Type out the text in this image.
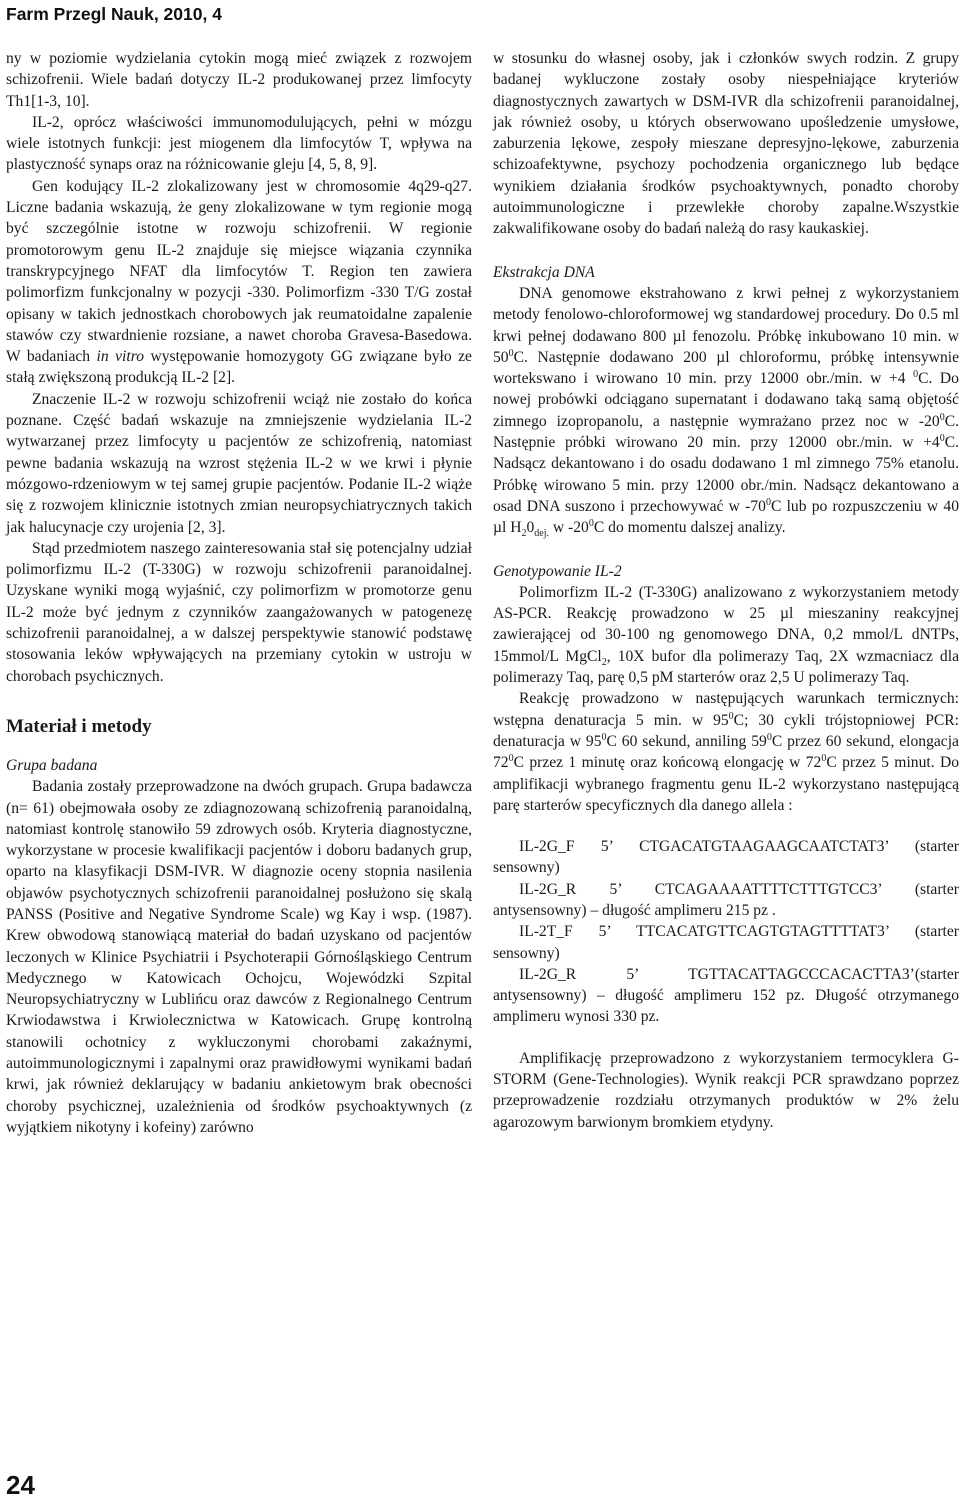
Farm Przegl Nauk, 2010, 4

ny w poziomie wydzielania cytokin mogą mieć związek z rozwojem schizofrenii. Wiele badań dotyczy IL-2 produkowanej przez limfocyty Th1[1-3, 10].

IL-2, oprócz właściwości immunomodulujących, pełni w mózgu wiele istotnych funkcji: jest miogenem dla limfocytów T, wpływa na plastyczność synaps oraz na różnicowanie gleju [4, 5, 8, 9].

Gen kodujący IL-2 zlokalizowany jest w chromosomie 4q29-q27. Liczne badania wskazują, że geny zlokalizowane w tym regionie mogą być szczególnie istotne w rozwoju schizofrenii. W regionie promotorowym genu IL-2 znajduje się miejsce wiązania czynnika transkrypcyjnego NFAT dla limfocytów T. Region ten zawiera polimorfizm funkcjonalny w pozycji -330. Polimorfizm -330 T/G został opisany w takich jednostkach chorobowych jak reumatoidalne zapalenie stawów czy stwardnienie rozsiane, a nawet choroba Gravesa-Basedowa. W badaniach in vitro występowanie homozygoty GG związane było ze stałą zwiększoną produkcją IL-2 [2].

Znaczenie IL-2 w rozwoju schizofrenii wciąż nie zostało do końca poznane. Część badań wskazuje na zmniejszenie wydzielania IL-2 wytwarzanej przez limfocyty u pacjentów ze schizofrenią, natomiast pewne badania wskazują na wzrost stężenia IL-2 w we krwi i płynie mózgowo-rdzeniowym w tej samej grupie pacjentów. Podanie IL-2 wiąże się z rozwojem klinicznie istotnych zmian neuropsychiatrycznych takich jak halucynacje czy urojenia [2, 3].

Stąd przedmiotem naszego zainteresowania stał się potencjalny udział polimorfizmu IL-2 (T-330G) w rozwoju schizofrenii paranoidalnej. Uzyskane wyniki mogą wyjaśnić, czy polimorfizm w promotorze genu IL-2 może być jednym z czynników zaangażowanych w patogenezę schizofrenii paranoidalnej, a w dalszej perspektywie stanowić podstawę stosowania leków wpływających na przemiany cytokin w ustroju w chorobach psychicznych.

Materiał i metody

Grupa badana

Badania zostały przeprowadzone na dwóch grupach. Grupa badawcza (n= 61) obejmowała osoby ze zdiagnozowaną schizofrenią paranoidalną, natomiast kontrolę stanowiło 59 zdrowych osób. Kryteria diagnostyczne, wykorzystane w procesie kwalifikacji pacjentów i doboru badanych grup, oparto na klasyfikacji DSM-IVR. W diagnozie oceny stopnia nasilenia objawów psychotycznych schizofrenii paranoidalnej posłużono się skalą PANSS (Positive and Negative Syndrome Scale) wg Kay i wsp. (1987). Krew obwodową stanowiącą materiał do badań uzyskano od pacjentów leczonych w Klinice Psychiatrii i Psychoterapii Górnośląskiego Centrum Medycznego w Katowicach Ochojcu, Wojewódzki Szpital Neuropsychiatryczny w Lublińcu oraz dawców z Regionalnego Centrum Krwiodawstwa i Krwiolecznictwa w Katowicach. Grupę kontrolną stanowili ochotnicy z wykluczonymi chorobami zakaźnymi, autoimmunologicznymi i zapalnymi oraz prawidłowymi wynikami badań krwi, jak również deklarujący w badaniu ankietowym brak obecności choroby psychicznej, uzależnienia od środków psychoaktywnych (z wyjątkiem nikotyny i kofeiny) zarówno

w stosunku do własnej osoby, jak i członków swych rodzin. Z grupy badanej wykluczone zostały osoby niespełniające kryteriów diagnostycznych zawartych w DSM-IVR dla schizofrenii paranoidalnej, jak również osoby, u których obserwowano upośledzenie umysłowe, zaburzenia lękowe, zespoły mieszane depresyjno-lękowe, zaburzenia schizoafektywne, psychozy pochodzenia organicznego lub będące wynikiem działania środków psychoaktywnych, ponadto choroby autoimmunologiczne i przewlekłe choroby zapalne.Wszystkie zakwalifikowane osoby do badań należą do rasy kaukaskiej.

Ekstrakcja DNA

DNA genomowe ekstrahowano z krwi pełnej z wykorzystaniem metody fenolowo-chloroformowej wg standardowej procedury. Do 0.5 ml krwi pełnej dodawano 800 µl fenozolu. Próbkę inkubowano 10 min. w $50^0C$. Następnie dodawano 200 µl chloroformu, próbkę intensywnie wortekswano i wirowano 10 min. przy 12000 obr./min. w +4 $^0$C. Do nowej probówki odciągano supernatant i dodawano taką samą objętość zimnego izopropanolu, a następnie wymrażano przez noc w $-20^0C$. Następnie próbki wirowano 20 min. przy 12000 obr./min. $w +4^0C$. Nadsącz dekantowano i do osadu dodawano 1 ml zimnego 75% etanolu. Próbkę wirowano 5 min. przy 12000 obr./min. Nadsącz dekantowano a osad DNA suszono i przechowywać w $-70^0C$ lub po rozpuszczeniu w 40 µl $H_20_{dej.}$ w $-20^0C$ do momentu dalszej analizy.

Genotypowanie IL-2

Polimorfizm IL-2 (T-330G) analizowano z wykorzystaniem metody AS-PCR. Reakcję prowadzono w 25 µl mieszaniny reakcyjnej zawierającej od 30-100 ng genomowego DNA, 0,2 mmol/L dNTPs, 15mmol/L MgCl$_2$, 10X bufor dla polimerazy Taq, 2X wzmacniacz dla polimerazy Taq, parę 0,5 pM starterów oraz 2,5 U polimerazy Taq.

Reakcję prowadzono w następujących warunkach termicznych: wstępna denaturacja 5 min. w $95^0C$; 30 cykli trójstopniowej PCR: denaturacja w $95^0C$ 60 sekund, anniling $59^0C$ przez 60 sekund, elongacja $72^0C$ przez 1 minutę oraz końcową elongację w $72^0C$ przez 5 minut. Do amplifikacji wybranego fragmentu genu IL-2 wykorzystano następującą parę starterów specyficznych dla danego allela :

IL-2G_F 5’ CTGACATGTAAGAAGCAATCTAT3’ (starter sensowny)

IL-2G_R 5’ CTCAGAAAATTTTCTTTGTCC3’ (starter antysensowny) – długość amplimeru 215 pz .

IL-2T_F 5’ TTCACATGTTCAGTGTAGTTTTAT3’ (starter sensowny)

IL-2G_R 5’ TGTTACATTAGCCCACACTTA3’(starter antysensowny) – długość amplimeru 152 pz. Długość otrzymanego amplimeru wynosi 330 pz.

Amplifikację przeprowadzono z wykorzystaniem termocyklera G-STORM (Gene-Technologies). Wynik reakcji PCR sprawdzano poprzez przeprowadzenie rozdziału otrzymanych produktów w 2% żelu agarozowym barwionym bromkiem etydyny.

24
